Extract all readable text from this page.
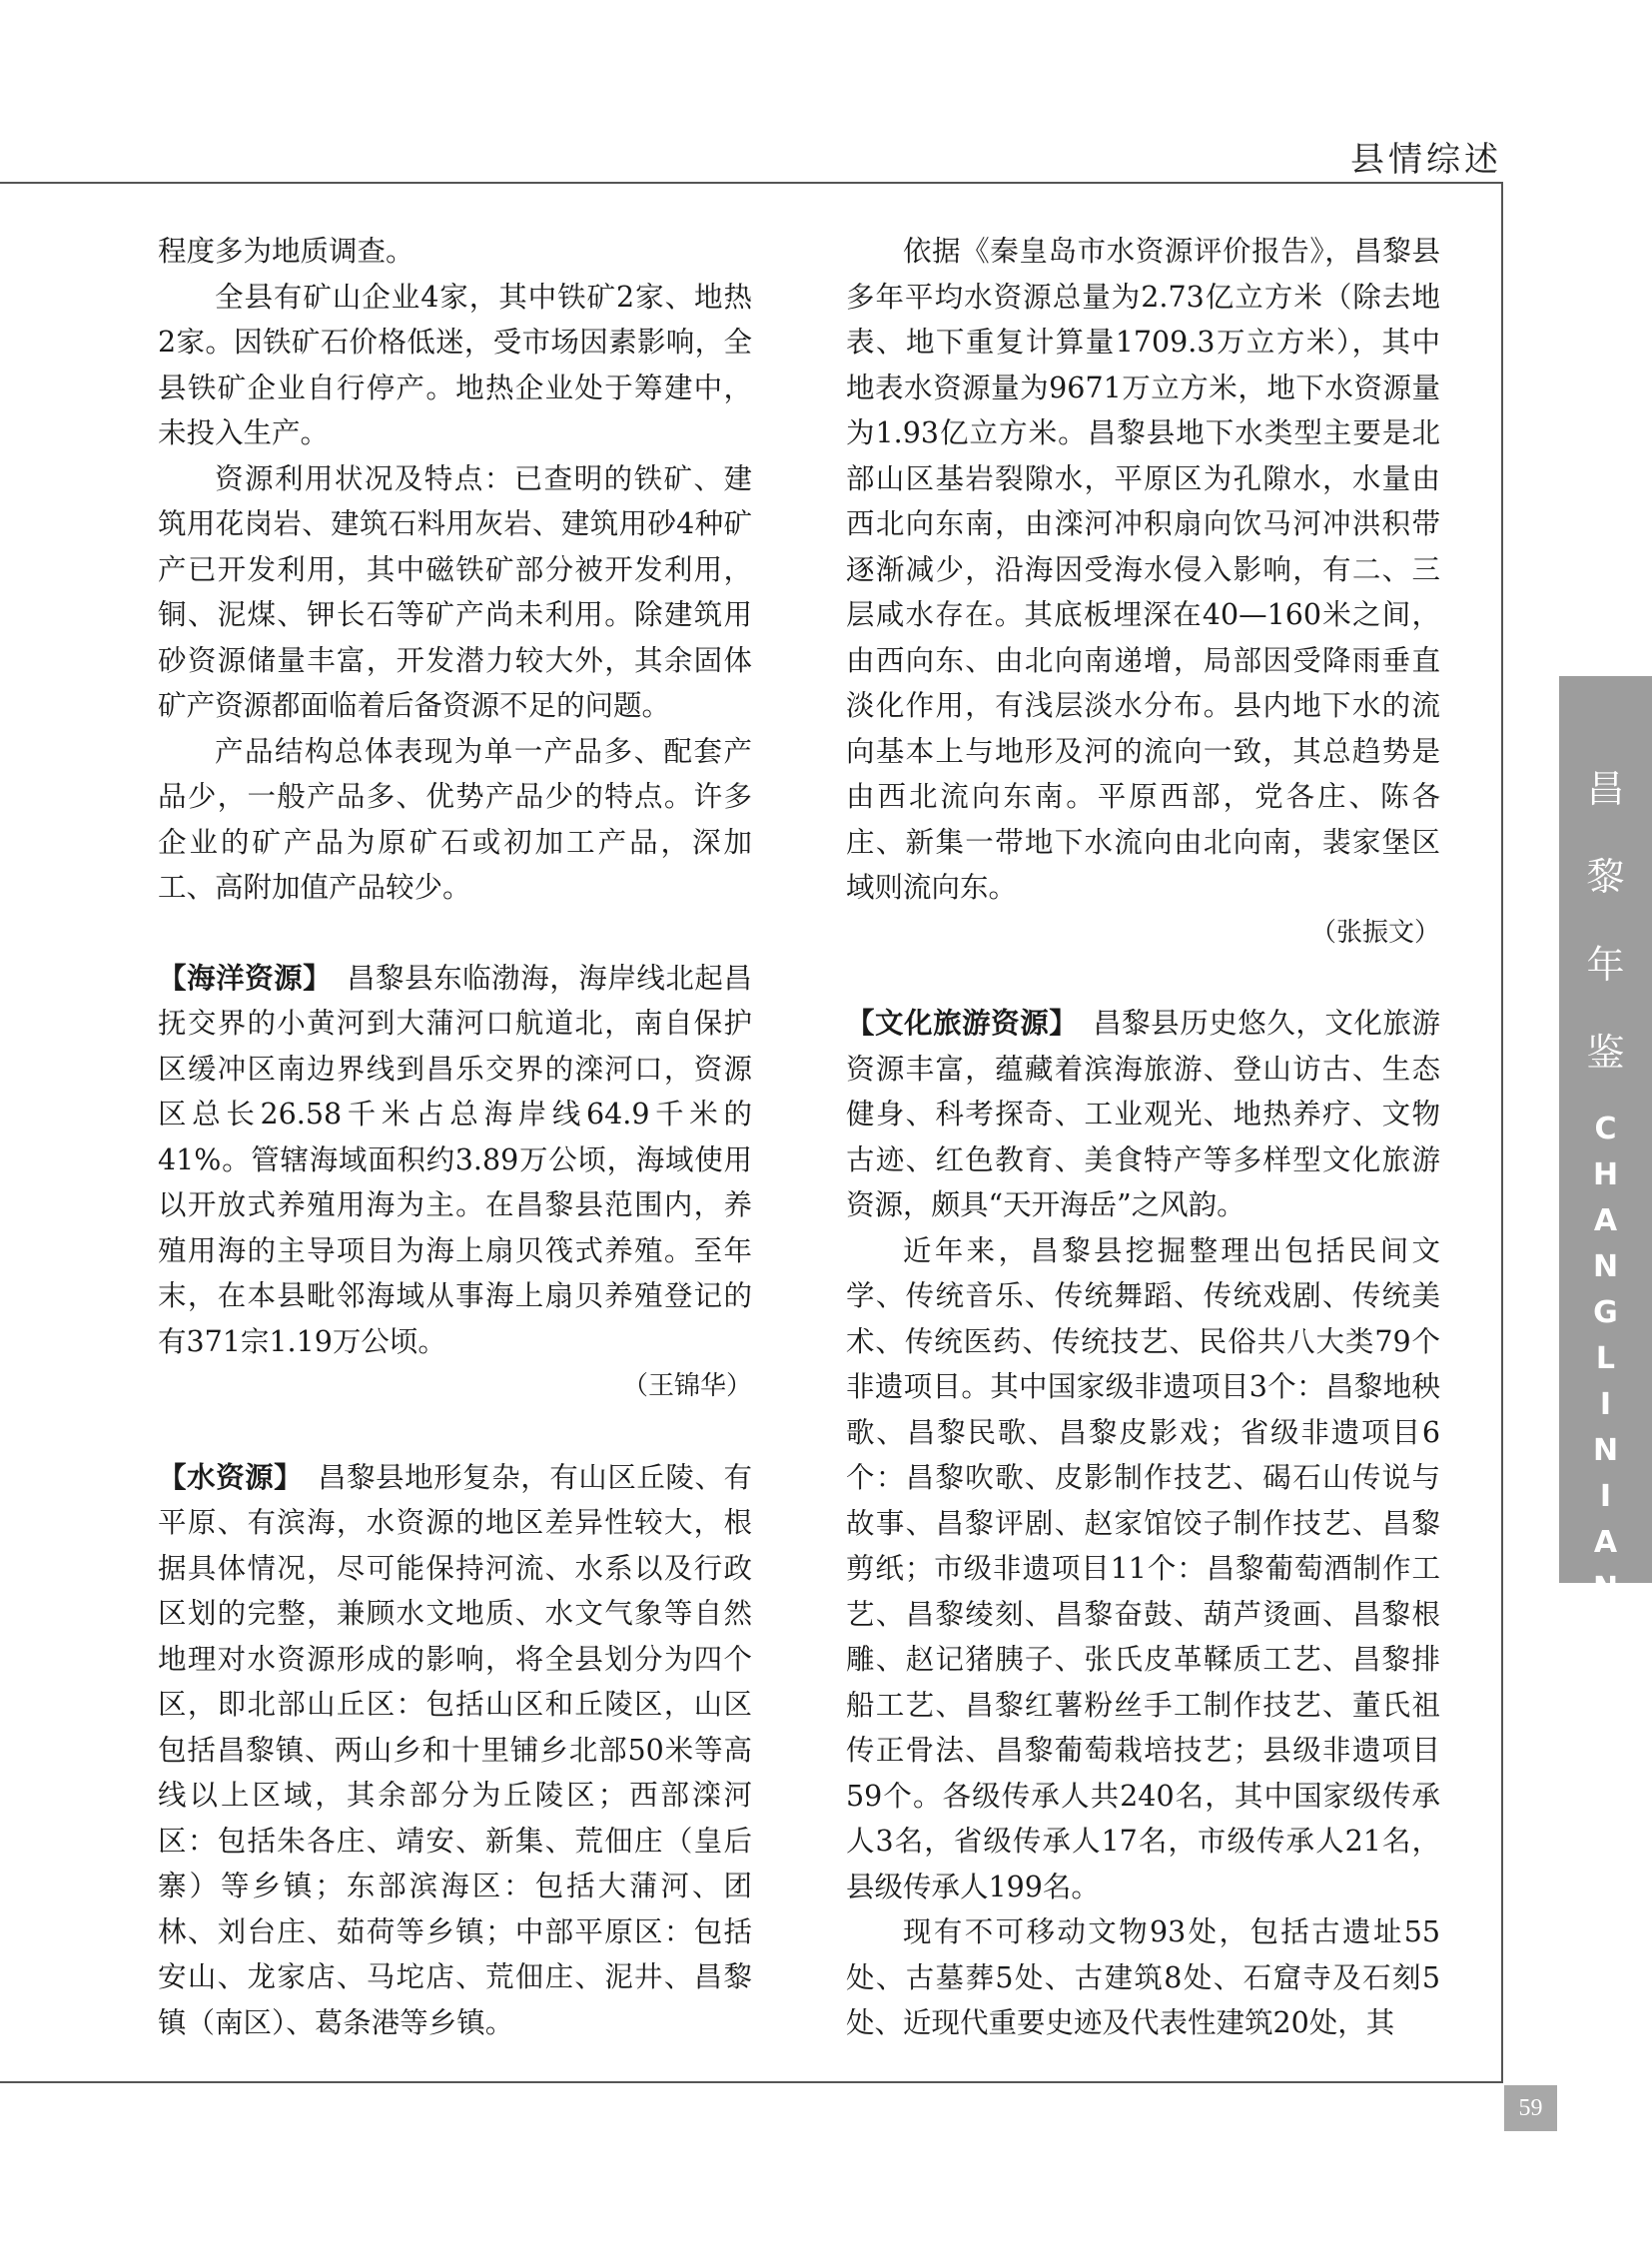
县情综述
昌
黎
年
鉴
C
H
A
N
G
L
I
N
I
A
N
J
I
A
N
59

程度多为地质调查。

全县有矿山企业4家，其中铁矿2家、地热2家。因铁矿石价格低迷，受市场因素影响，全县铁矿企业自行停产。地热企业处于筹建中，未投入生产。

资源利用状况及特点：已查明的铁矿、建筑用花岗岩、建筑石料用灰岩、建筑用砂4种矿产已开发利用，其中磁铁矿部分被开发利用，铜、泥煤、钾长石等矿产尚未利用。除建筑用砂资源储量丰富，开发潜力较大外，其余固体矿产资源都面临着后备资源不足的问题。

产品结构总体表现为单一产品多、配套产品少，一般产品多、优势产品少的特点。许多企业的矿产品为原矿石或初加工产品，深加工、高附加值产品较少。

【海洋资源】　昌黎县东临渤海，海岸线北起昌抚交界的小黄河到大蒲河口航道北，南自保护区缓冲区南边界线到昌乐交界的滦河口，资源区总长26.58千米占总海岸线64.9千米的41%。管辖海域面积约3.89万公顷，海域使用以开放式养殖用海为主。在昌黎县范围内，养殖用海的主导项目为海上扇贝筏式养殖。至年末，在本县毗邻海域从事海上扇贝养殖登记的有371宗1.19万公顷。

（王锦华）

【水资源】　昌黎县地形复杂，有山区丘陵、有平原、有滨海，水资源的地区差异性较大，根据具体情况，尽可能保持河流、水系以及行政区划的完整，兼顾水文地质、水文气象等自然地理对水资源形成的影响，将全县划分为四个区，即北部山丘区：包括山区和丘陵区，山区包括昌黎镇、两山乡和十里铺乡北部50米等高线以上区域，其余部分为丘陵区；西部滦河区：包括朱各庄、靖安、新集、荒佃庄（皇后寨）等乡镇；东部滨海区：包括大蒲河、团林、刘台庄、茹荷等乡镇；中部平原区：包括安山、龙家店、马坨店、荒佃庄、泥井、昌黎镇（南区）、葛条港等乡镇。

依据《秦皇岛市水资源评价报告》，昌黎县多年平均水资源总量为2.73亿立方米（除去地表、地下重复计算量1709.3万立方米），其中地表水资源量为9671万立方米，地下水资源量为1.93亿立方米。昌黎县地下水类型主要是北部山区基岩裂隙水，平原区为孔隙水，水量由西北向东南，由滦河冲积扇向饮马河冲洪积带逐渐减少，沿海因受海水侵入影响，有二、三层咸水存在。其底板埋深在40—160米之间，由西向东、由北向南递增，局部因受降雨垂直淡化作用，有浅层淡水分布。县内地下水的流向基本上与地形及河的流向一致，其总趋势是由西北流向东南。平原西部，党各庄、陈各庄、新集一带地下水流向由北向南，裴家堡区域则流向东。

（张振文）

【文化旅游资源】　昌黎县历史悠久，文化旅游资源丰富，蕴藏着滨海旅游、登山访古、生态健身、科考探奇、工业观光、地热养疗、文物古迹、红色教育、美食特产等多样型文化旅游资源，颇具“天开海岳”之风韵。

近年来，昌黎县挖掘整理出包括民间文学、传统音乐、传统舞蹈、传统戏剧、传统美术、传统医药、传统技艺、民俗共八大类79个非遗项目。其中国家级非遗项目3个：昌黎地秧歌、昌黎民歌、昌黎皮影戏；省级非遗项目6个：昌黎吹歌、皮影制作技艺、碣石山传说与故事、昌黎评剧、赵家馆饺子制作技艺、昌黎剪纸；市级非遗项目11个：昌黎葡萄酒制作工艺、昌黎绫刻、昌黎奋鼓、葫芦烫画、昌黎根雕、赵记猪胰子、张氏皮革鞣质工艺、昌黎排船工艺、昌黎红薯粉丝手工制作技艺、董氏祖传正骨法、昌黎葡萄栽培技艺；县级非遗项目59个。各级传承人共240名，其中国家级传承人3名，省级传承人17名，市级传承人21名，县级传承人199名。

现有不可移动文物93处，包括古遗址55处、古墓葬5处、古建筑8处、石窟寺及石刻5处、近现代重要史迹及代表性建筑20处，其
